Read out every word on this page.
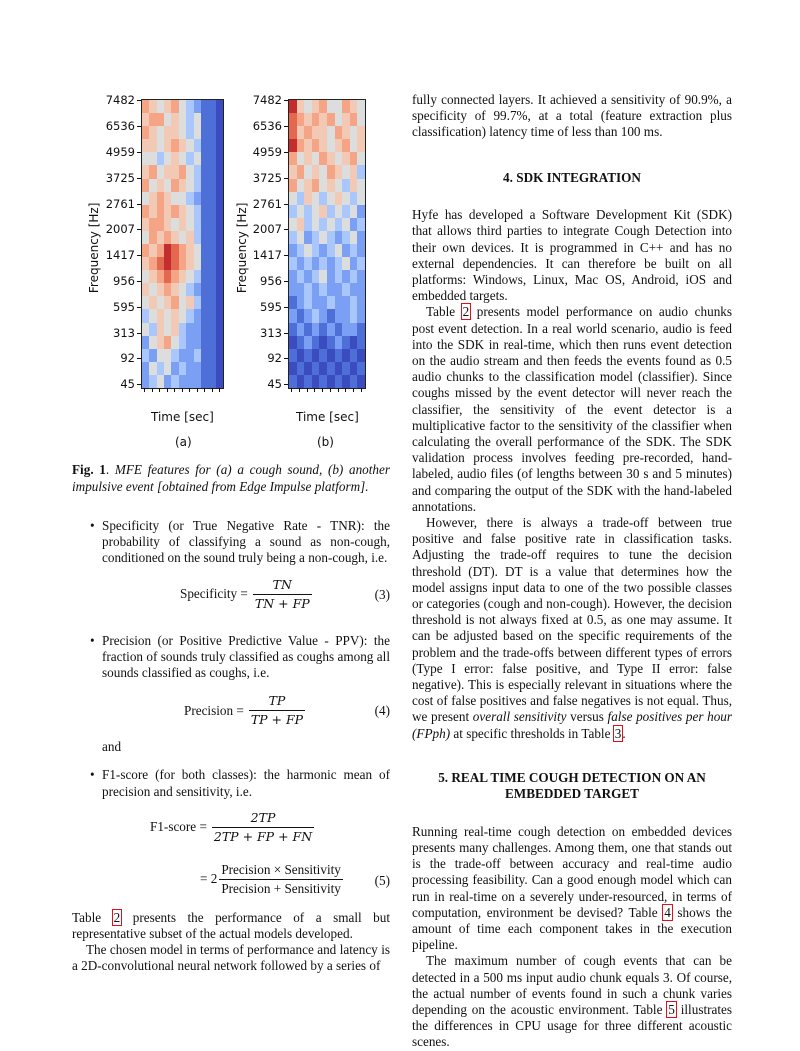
Frequency [Hz]
7482
6536
4959
3725
2761
2007
1417
956
595
313
92
45
Time [sec]
(a)
Frequency [Hz]
7482
6536
4959
3725
2761
2007
1417
956
595
313
92
45
Time [sec]
(b)
Fig. 1. MFE features for (a) a cough sound, (b) another impulsive event [obtained from Edge Impulse platform].
• Specificity (or True Negative Rate - TNR): the probability of classifying a sound as non-cough, conditioned on the sound truly being a non-cough, i.e.

Specificity = $\frac{TN}{TN + FP}$	(3)
• Precision (or Positive Predictive Value - PPV): the fraction of sounds truly classified as coughs among all sounds classified as coughs, i.e.

Precision = $\frac{TP}{TP + FP}$	(4)

and

• F1-score (for both classes): the harmonic mean of precision and sensitivity, i.e.

F1-score = $\frac{2TP}{2TP + FP + FN}$
= $2 \frac{\text{Precision × Sensitivity}}{\text{Precision + Sensitivity}} (5)$

Table 2 presents the performance of a small but representative subset of the actual models developed.

The chosen model in terms of performance and latency is a 2D-convolutional neural network followed by a series of

fully connected layers. It achieved a sensitivity of 90.9%, a specificity of 99.7%, at a total (feature extraction plus classification) latency time of less than 100 ms.

4. SDK INTEGRATION

Hyfe has developed a Software Development Kit (SDK) that allows third parties to integrate Cough Detection into their own devices. It is programmed in C++ and has no external dependencies. It can therefore be built on all platforms: Windows, Linux, Mac OS, Android, iOS and embedded targets.

Table 2 presents model performance on audio chunks post event detection. In a real world scenario, audio is feed into the SDK in real-time, which then runs event detection on the audio stream and then feeds the events found as 0.5 audio chunks to the classification model (classifier). Since coughs missed by the event detector will never reach the classifier, the sensitivity of the event detector is a multiplicative factor to the sensitivity of the classifier when calculating the overall performance of the SDK. The SDK validation process involves feeding pre-recorded, hand-labeled, audio files (of lengths between 30 s and 5 minutes) and comparing the output of the SDK with the hand-labeled annotations.

However, there is always a trade-off between true positive and false positive rate in classification tasks. Adjusting the trade-off requires to tune the decision threshold (DT). DT is a value that determines how the model assigns input data to one of the two possible classes or categories (cough and non-cough). However, the decision threshold is not always fixed at 0.5, as one may assume. It can be adjusted based on the specific requirements of the problem and the trade-offs between different types of errors (Type I error: false positive, and Type II error: false negative). This is especially relevant in situations where the cost of false positives and false negatives is not equal. Thus, we present overall sensitivity versus false positives per hour (FPph) at specific thresholds in Table 3.

5. REAL TIME COUGH DETECTION ON AN
EMBEDDED TARGET

Running real-time cough detection on embedded devices presents many challenges. Among them, one that stands out is the trade-off between accuracy and real-time audio processing feasibility. Can a good enough model which can run in real-time on a severely under-resourced, in terms of computation, environment be devised? Table 4 shows the amount of time each component takes in the execution pipeline.

The maximum number of cough events that can be detected in a 500 ms input audio chunk equals 3. Of course, the actual number of events found in such a chunk varies depending on the acoustic environment. Table 5 illustrates the differences in CPU usage for three different acoustic scenes.
